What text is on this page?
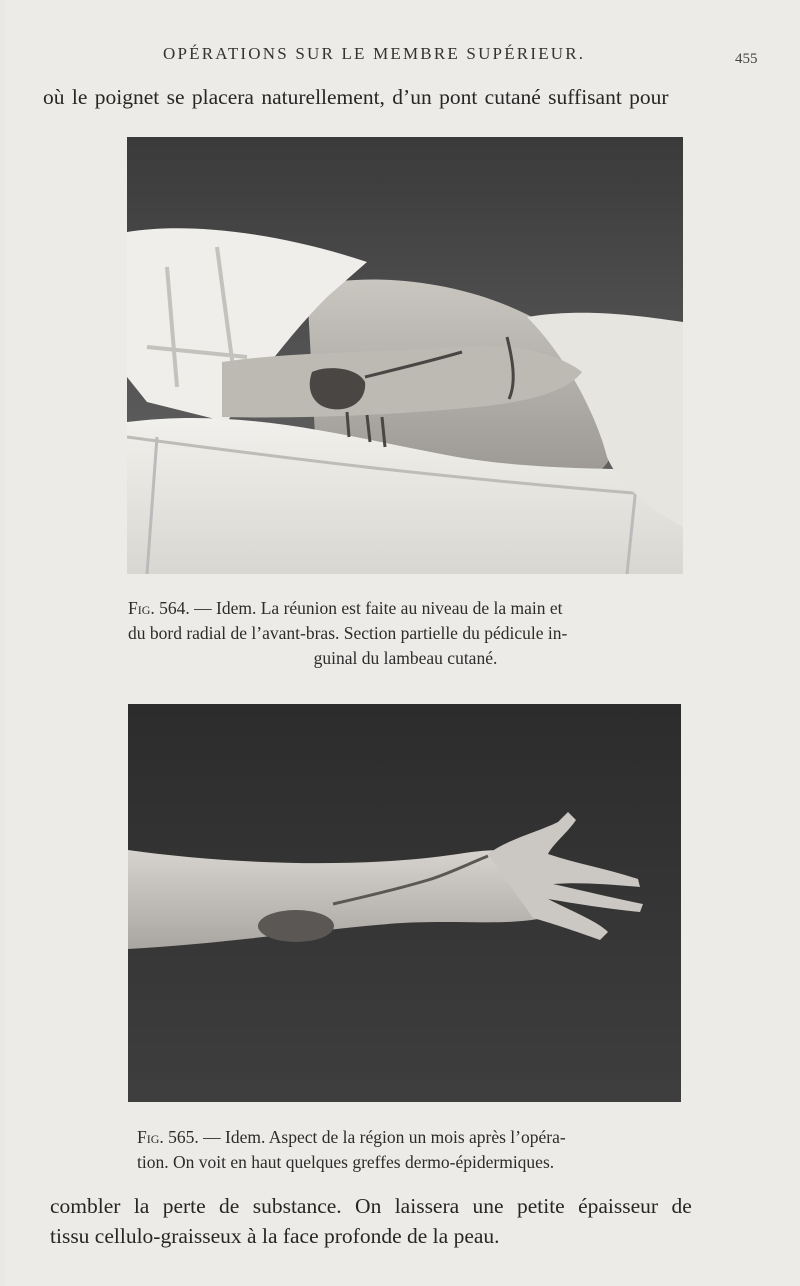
OPÉRATIONS SUR LE MEMBRE SUPÉRIEUR.	455
où le poignet se placera naturellement, d’un pont cutané suffisant pour
Fig. 564. — Idem. La réunion est faite au niveau de la main et
du bord radial de l’avant-bras. Section partielle du pédicule in-
guinal du lambeau cutané.
Fig. 565. — Idem. Aspect de la région un mois après l’opéra-
tion. On voit en haut quelques greffes dermo-épidermiques.
combler la perte de substance. On laissera une petite épaisseur de
tissu cellulo-graisseux à la face profonde de la peau.
